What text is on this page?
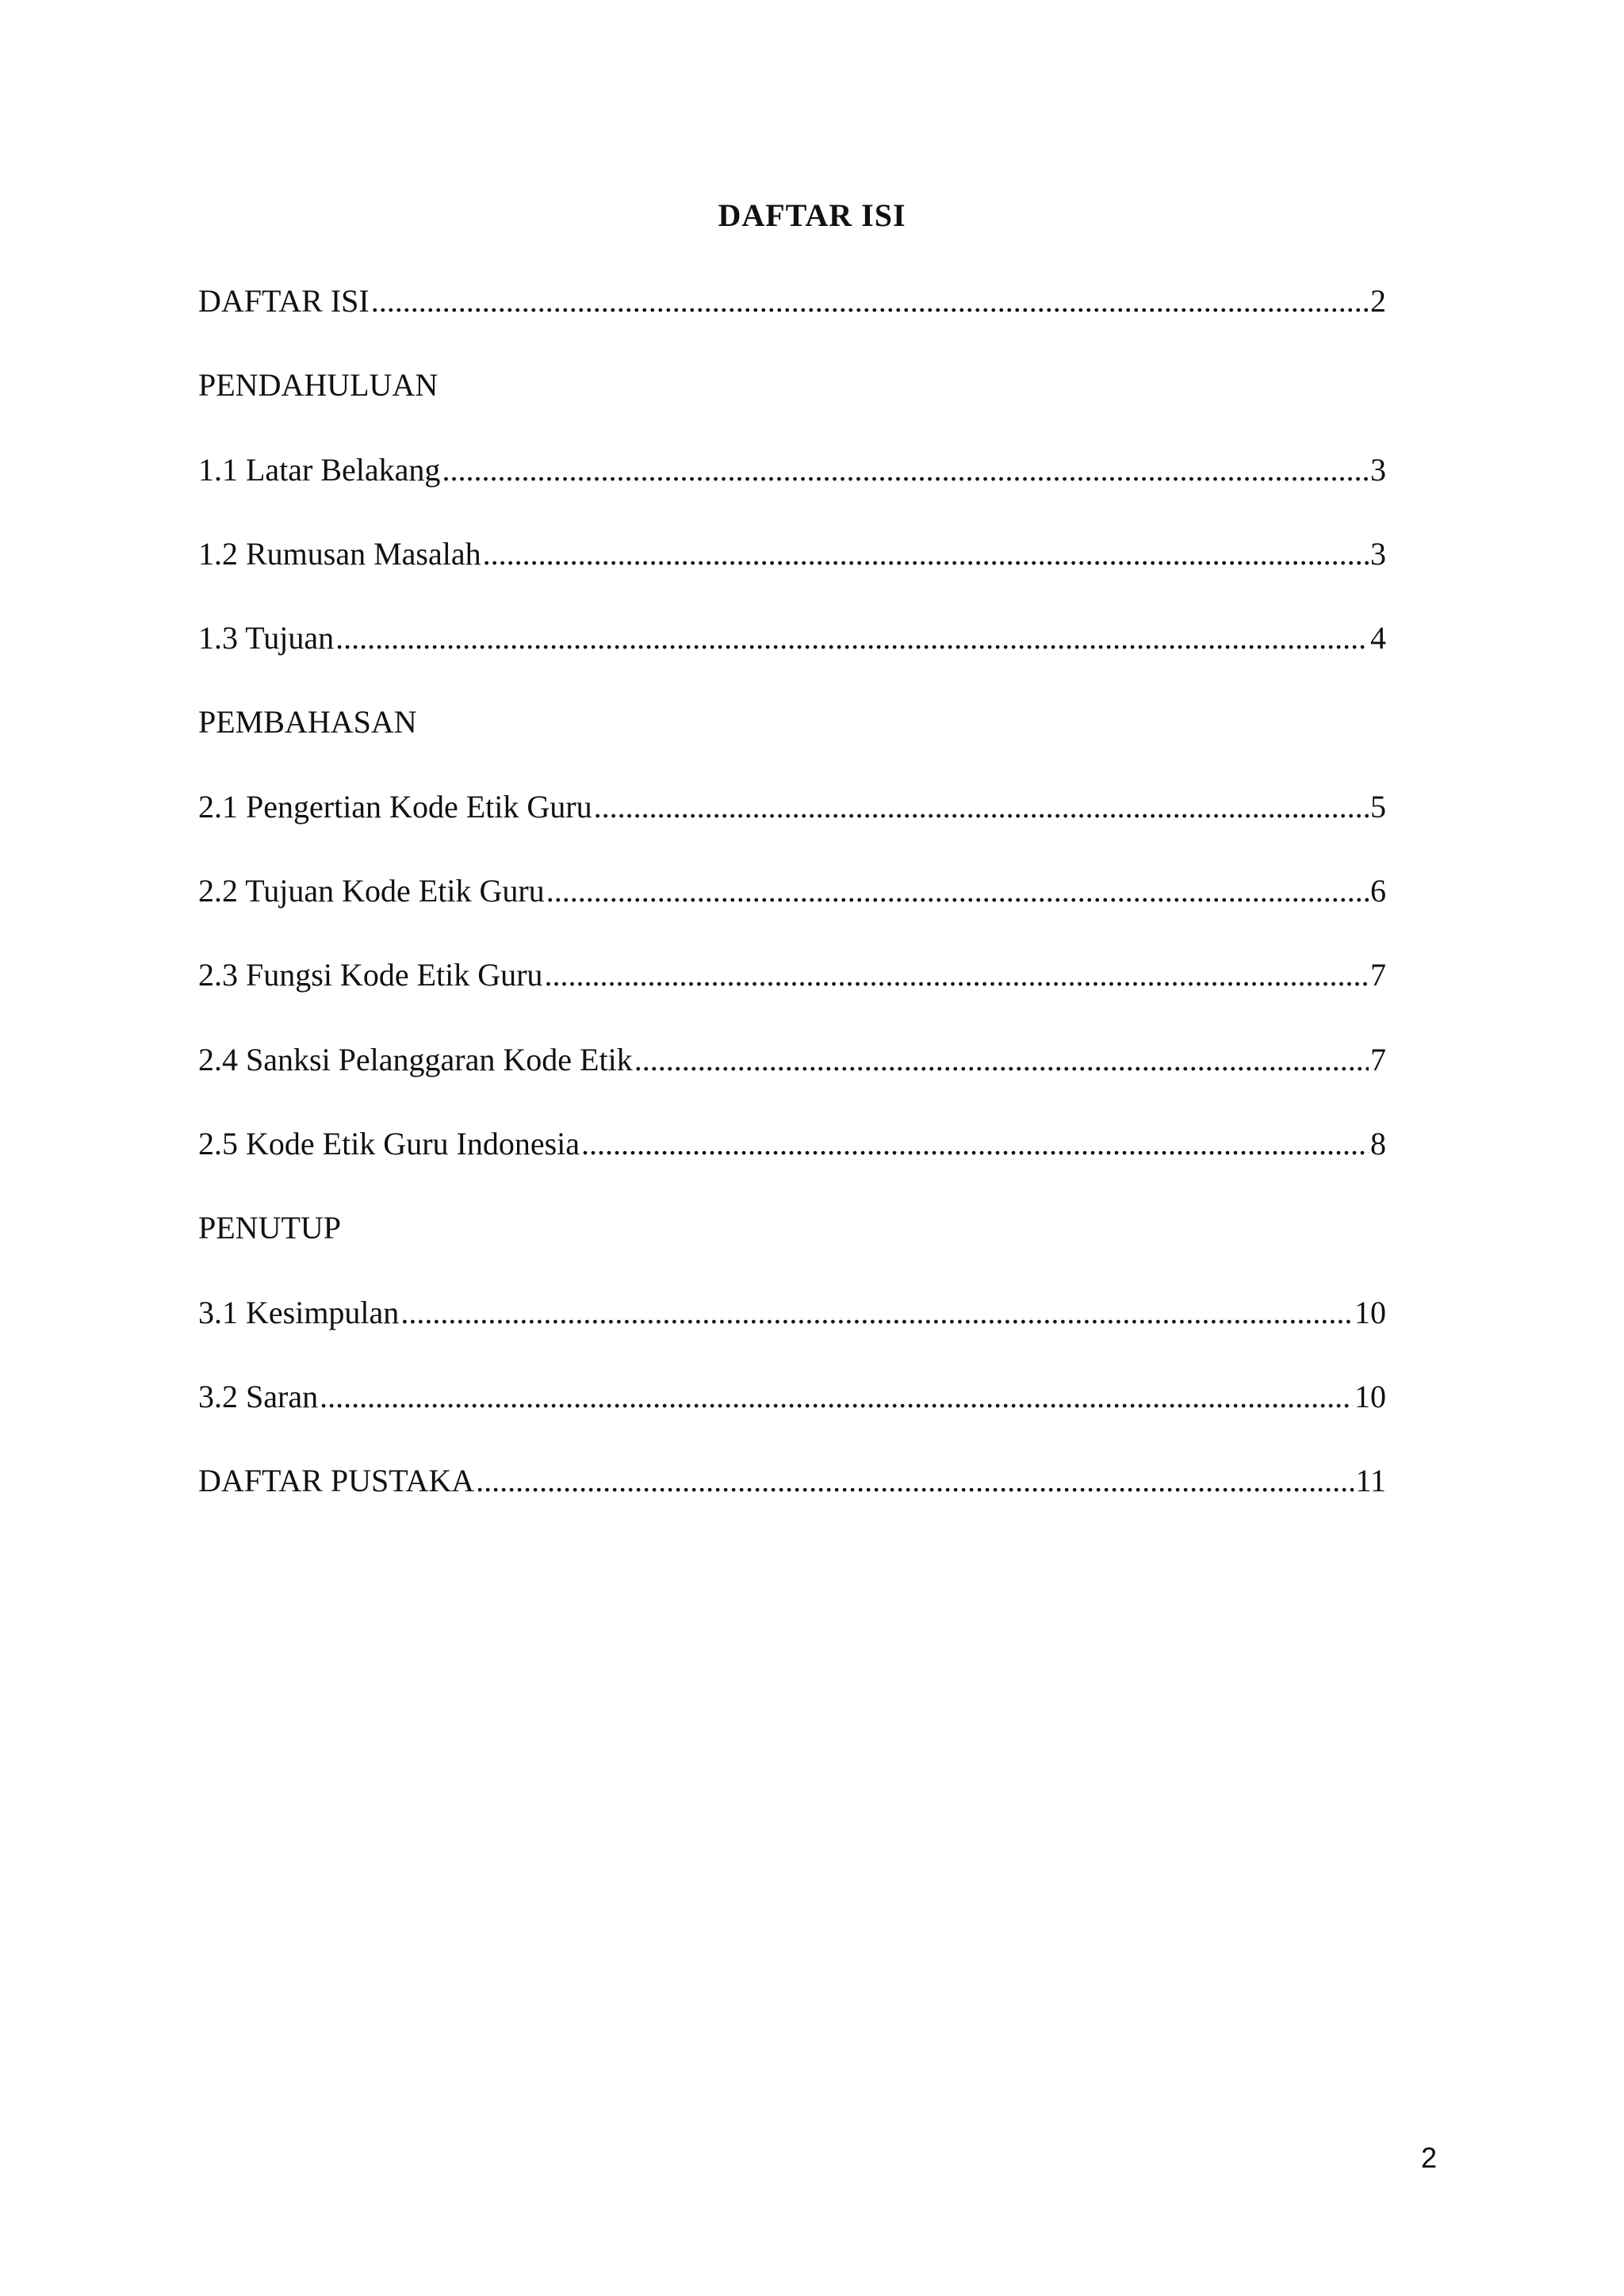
DAFTAR ISI
DAFTAR ISI .....	2
PENDAHULUAN
1.1 Latar Belakang .....	3
1.2 Rumusan Masalah .....	3
1.3 Tujuan .....	4
PEMBAHASAN
2.1 Pengertian Kode Etik Guru .....	5
2.2 Tujuan Kode Etik Guru .....	6
2.3 Fungsi Kode Etik Guru .....	7
2.4 Sanksi Pelanggaran Kode Etik .....	7
2.5 Kode Etik Guru Indonesia .....	8
PENUTUP
3.1 Kesimpulan .....	10
3.2 Saran .....	10
DAFTAR PUSTAKA .....	11
2
